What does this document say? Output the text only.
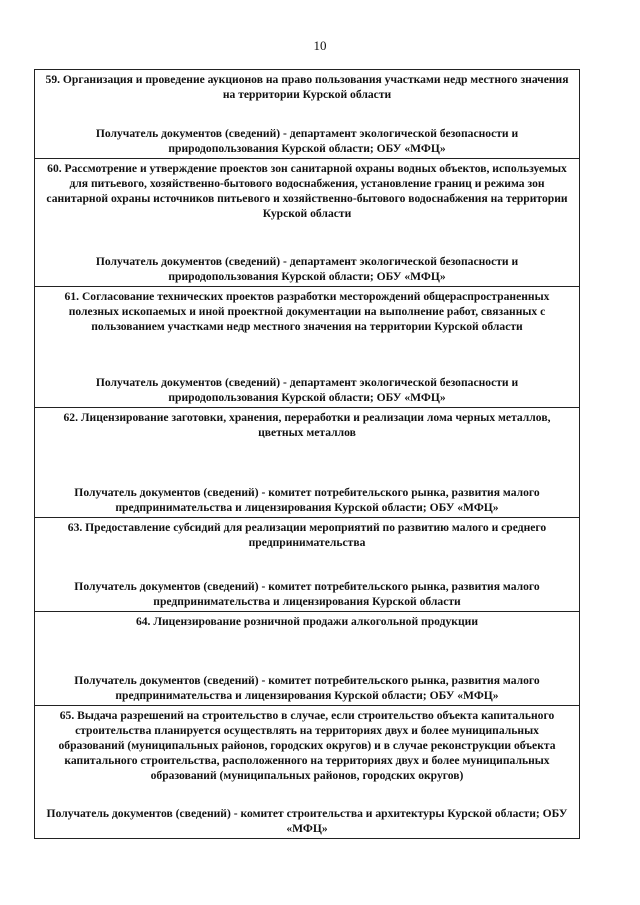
10
59. Организация и проведение аукционов на право пользования участками недр местного значения на территории Курской области
Получатель документов (сведений) - департамент экологической безопасности и природопользования Курской области; ОБУ «МФЦ»
60. Рассмотрение и утверждение проектов зон санитарной охраны водных объектов, используемых для питьевого, хозяйственно-бытового водоснабжения, установление границ и режима зон санитарной охраны источников питьевого и хозяйственно-бытового водоснабжения на территории Курской области
Получатель документов (сведений) - департамент экологической безопасности и природопользования Курской области; ОБУ «МФЦ»
61. Согласование технических проектов разработки месторождений общераспространенных полезных ископаемых и иной проектной документации на выполнение работ, связанных с пользованием участками недр местного значения на территории Курской области
Получатель документов (сведений) - департамент экологической безопасности и природопользования Курской области; ОБУ «МФЦ»
62. Лицензирование заготовки, хранения, переработки и реализации лома черных металлов, цветных металлов
Получатель документов (сведений) - комитет потребительского рынка, развития малого предпринимательства и лицензирования Курской области; ОБУ «МФЦ»
63. Предоставление субсидий для реализации мероприятий по развитию малого и среднего предпринимательства
Получатель документов (сведений) - комитет потребительского рынка, развития малого предпринимательства и лицензирования Курской области
64. Лицензирование розничной продажи алкогольной продукции
Получатель документов (сведений) - комитет потребительского рынка, развития малого предпринимательства и лицензирования Курской области; ОБУ «МФЦ»
65. Выдача разрешений на строительство в случае, если строительство объекта капитального строительства планируется осуществлять на территориях двух и более муниципальных образований (муниципальных районов, городских округов) и в случае реконструкции объекта капитального строительства, расположенного на территориях двух и более муниципальных образований (муниципальных районов, городских округов)
Получатель документов (сведений) - комитет строительства и архитектуры Курской области; ОБУ «МФЦ»
